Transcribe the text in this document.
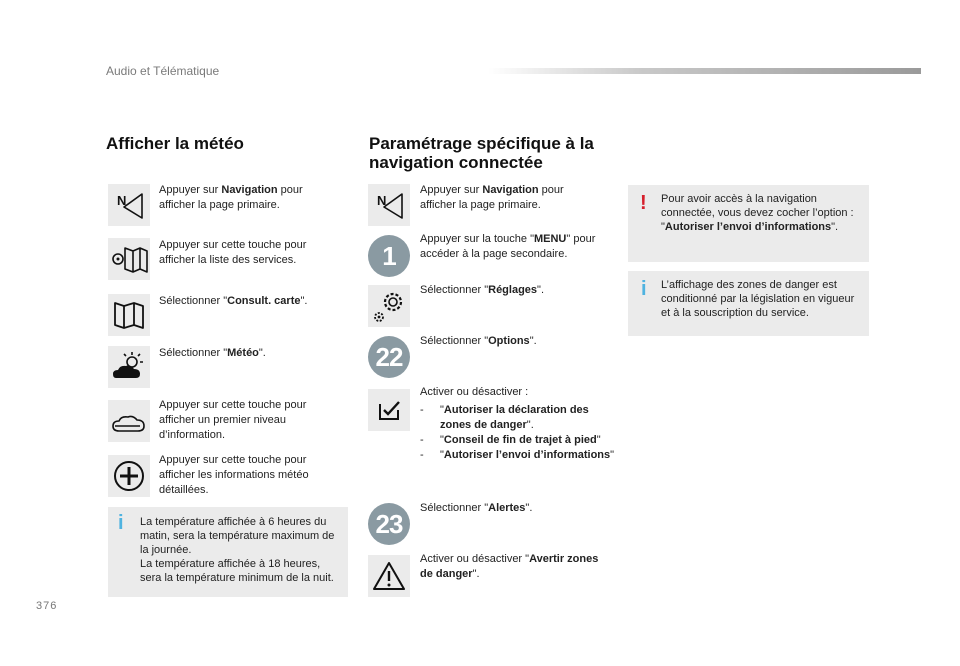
Audio et Télématique
Afficher la météo
N
Appuyer sur Navigation pour afficher la page primaire.
Appuyer sur cette touche pour afficher la liste des services.
Sélectionner "Consult. carte".
Sélectionner "Météo".
Appuyer sur cette touche pour afficher un premier niveau d’information.
Appuyer sur cette touche pour afficher les informations météo détaillées.
i La température affichée à 6 heures du matin, sera la température maximum de la journée.
La température affichée à 18 heures, sera la température minimum de la nuit.
Paramétrage spécifique à la
navigation connectée
N
Appuyer sur Navigation pour afficher la page primaire.
1
Appuyer sur la touche "MENU" pour accéder à la page secondaire.
Sélectionner "Réglages".
22
Sélectionner "Options".
Activer ou désactiver :
- "Autoriser la déclaration des zones de danger".
- "Conseil de fin de trajet à pied"
- "Autoriser l’envoi d’informations"
23
Sélectionner "Alertes".
Activer ou désactiver "Avertir zones de danger".
! Pour avoir accès à la navigation connectée, vous devez cocher l’option : "Autoriser l’envoi d’informations".
i L’affichage des zones de danger est conditionné par la législation en vigueur et à la souscription du service.
376
